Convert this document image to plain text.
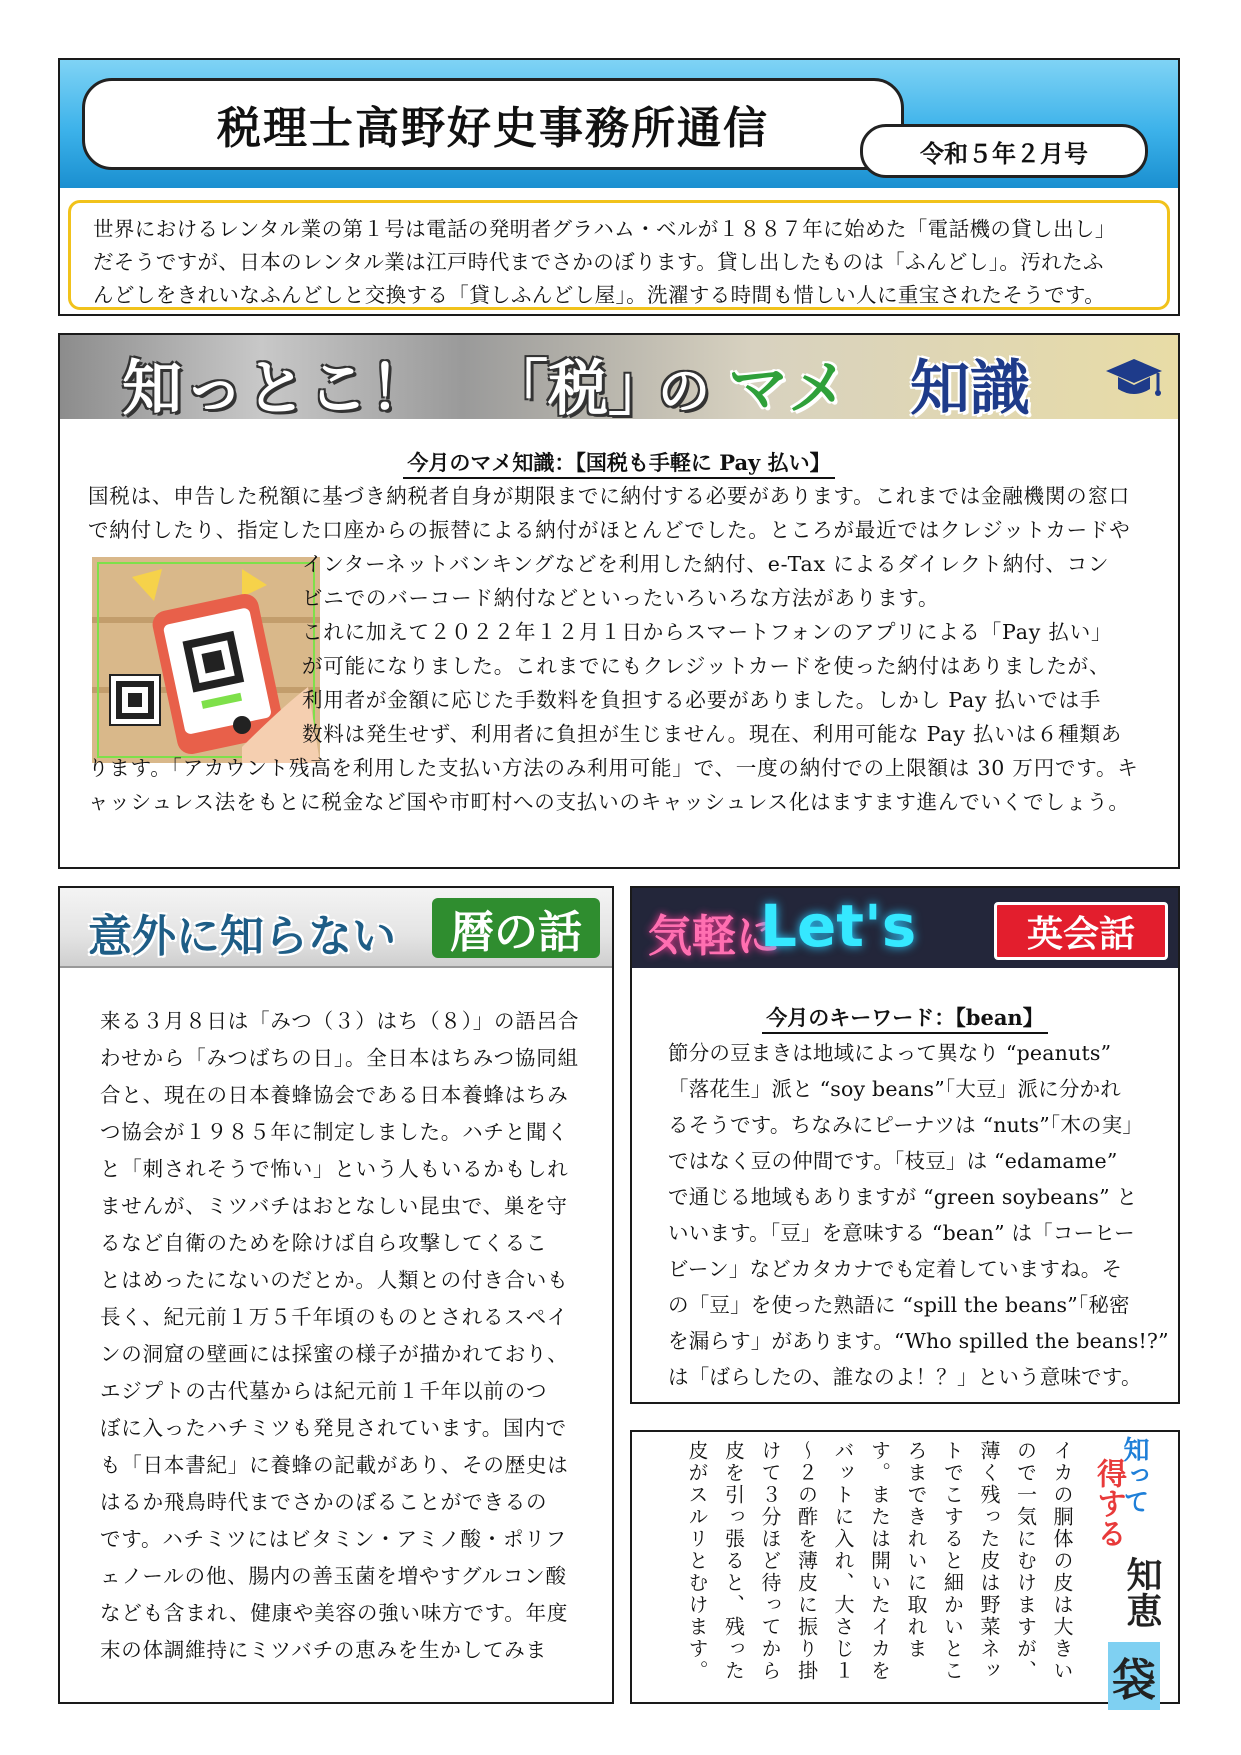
税理士高野好史事務所通信	令和５年２月号
世界におけるレンタル業の第１号は電話の発明者グラハム・ベルが１８８７年に始めた「電話機の貸し出し」
だそうですが、日本のレンタル業は江戸時代までさかのぼります。貸し出したものは「ふんどし」。汚れたふ
んどしをきれいなふんどしと交換する「貸しふんどし屋」。洗濯する時間も惜しい人に重宝されたそうです。
知っとこ！ 「税」
の マメ 知識
今月のマメ知識：【国税も手軽に Pay 払い】
国税は、申告した税額に基づき納税者自身が期限までに納付する必要があります。これまでは金融機関の窓口
で納付したり、指定した口座からの振替による納付がほとんどでした。ところが最近ではクレジットカードや
インターネットバンキングなどを利用した納付、e-Tax によるダイレクト納付、コン
ビニでのバーコード納付などといったいろいろな方法があります。
これに加えて２０２２年１２月１日からスマートフォンのアプリによる「Pay 払い」
が可能になりました。これまでにもクレジットカードを使った納付はありましたが、
利用者が金額に応じた手数料を負担する必要がありました。しかし Pay 払いでは手
数料は発生せず、利用者に負担が生じません。現在、利用可能な Pay 払いは６種類あ
ります。「アカウント残高を利用した支払い方法のみ利用可能」で、一度の納付での上限額は 30 万円です。キ
ャッシュレス法をもとに税金など国や市町村への支払いのキャッシュレス化はますます進んでいくでしょう。
意外に知らない	暦の話
来る３月８日は「みつ（３）はち（８）」の語呂合
わせから「みつばちの日」。全日本はちみつ協同組
合と、現在の日本養蜂協会である日本養蜂はちみ
つ協会が１９８５年に制定しました。ハチと聞く
と「刺されそうで怖い」という人もいるかもしれ
ませんが、ミツバチはおとなしい昆虫で、巣を守
るなど自衛のためを除けば自ら攻撃してくるこ
とはめったにないのだとか。人類との付き合いも
長く、紀元前１万５千年頃のものとされるスペイ
ンの洞窟の壁画には採蜜の様子が描かれており、
エジプトの古代墓からは紀元前１千年以前のつ
ぼに入ったハチミツも発見されています。国内で
も「日本書紀」に養蜂の記載があり、その歴史は
はるか飛鳥時代までさかのぼることができるの
です。ハチミツにはビタミン・アミノ酸・ポリフ
ェノールの他、腸内の善玉菌を増やすグルコン酸
なども含まれ、健康や美容の強い味方です。年度
末の体調維持にミツバチの恵みを生かしてみま
気軽に
Let's	英会話
今月のキーワード：【bean】
節分の豆まきは地域によって異なり “peanuts”
「落花生」派と “soy beans”「大豆」派に分かれ
るそうです。ちなみにピーナツは “nuts”「木の実」
ではなく豆の仲間です。「枝豆」は “edamame”
で通じる地域もありますが “green soybeans” と
いいます。「豆」を意味する “bean” は「コーヒー
ビーン」などカタカナでも定着していますね。そ
の「豆」を使った熟語に “spill the beans”「秘密
を漏らす」があります。“Who spilled the beans!?”
は「ばらしたの、誰なのよ！？」という意味です。
イカの胴体の皮は大きいので一気にむけますが、薄く残った皮は野菜ネットでこすると細かいところまできれいに取れます。または開いたイカをバットに入れ、大さじ１～２の酢を薄皮に振り掛けて３分ほど待ってから皮を引っ張ると、残った皮がスルリとむけます。	知って
得する
知恵
袋
